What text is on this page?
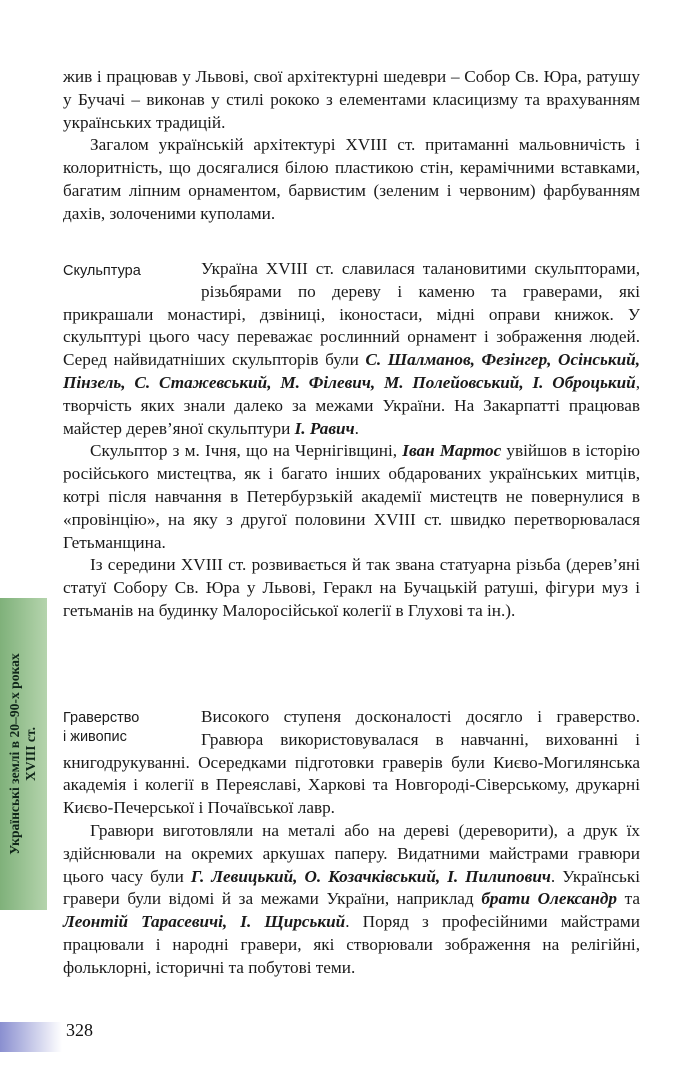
жив і працював у Львові, свої архітектурні шедеври – Собор Св. Юра, ратушу у Бучачі – виконав у стилі рококо з елементами класицизму та врахуванням українських традицій.

Загалом українській архітектурі XVIII ст. притаманні мальовничість і колоритність, що досягалися білою пластикою стін, керамічними вставками, багатим ліпним орнаментом, барвистим (зеленим і червоним) фарбуванням дахів, золоченими куполами.

Скульптура	Україна XVIII ст. славилася талановитими скульпторами, різьбярами по дереву і каменю та граверами, які прикрашали монастирі, дзвіниці, іконостаси, мідні оправи книжок. У скульптурі цього часу переважає рослинний орнамент і зображення людей. Серед найвидатніших скульпторів були С. Шалманов, Фезінгер, Осінський, Пінзель, С. Стажевський, М. Філевич, М. Полейовський, І. Оброцький, творчість яких знали далеко за межами України. На Закарпатті працював майстер дерев’яної скульптури І. Равич.

Скульптор з м. Ічня, що на Чернігівщині, Іван Мартос увійшов в історію російського мистецтва, як і багато інших обдарованих українських митців, котрі після навчання в Петербурзькій академії мистецтв не повернулися в «провінцію», на яку з другої половини XVIII ст. швидко перетворювалася Гетьманщина.

Із середини XVIII ст. розвивається й так звана статуарна різьба (дерев’яні статуї Собору Св. Юра у Львові, Геракл на Бучацькій ратуші, фігури муз і гетьманів на будинку Малоросійської колегії в Глухові та ін.).

Граверство
і живопис

Високого ступеня досконалості досягло і граверство. Гравюра використовувалася в навчанні, вихованні і книгодрукуванні. Осередками підготовки граверів були Києво-Могилянська академія і колегії в Переяславі, Харкові та Новгороді-Сіверському, друкарні Києво-Печерської і Почаївської лавр.

Гравюри виготовляли на металі або на дереві (дереворити), а друк їх здійснювали на окремих аркушах паперу. Видатними майстрами гравюри цього часу були Г. Левицький, О. Козачківський, І. Пилипович. Українські гравери були відомі й за межами України, наприклад брати Олександр та Леонтій Тарасевичі, І. Щирський. Поряд з професійними майстрами працювали і народні гравери, які створювали зображення на релігійні, фольклорні, історичні та побутові теми.

Українські землі в 20–90-х роках XVIII ст.
328
